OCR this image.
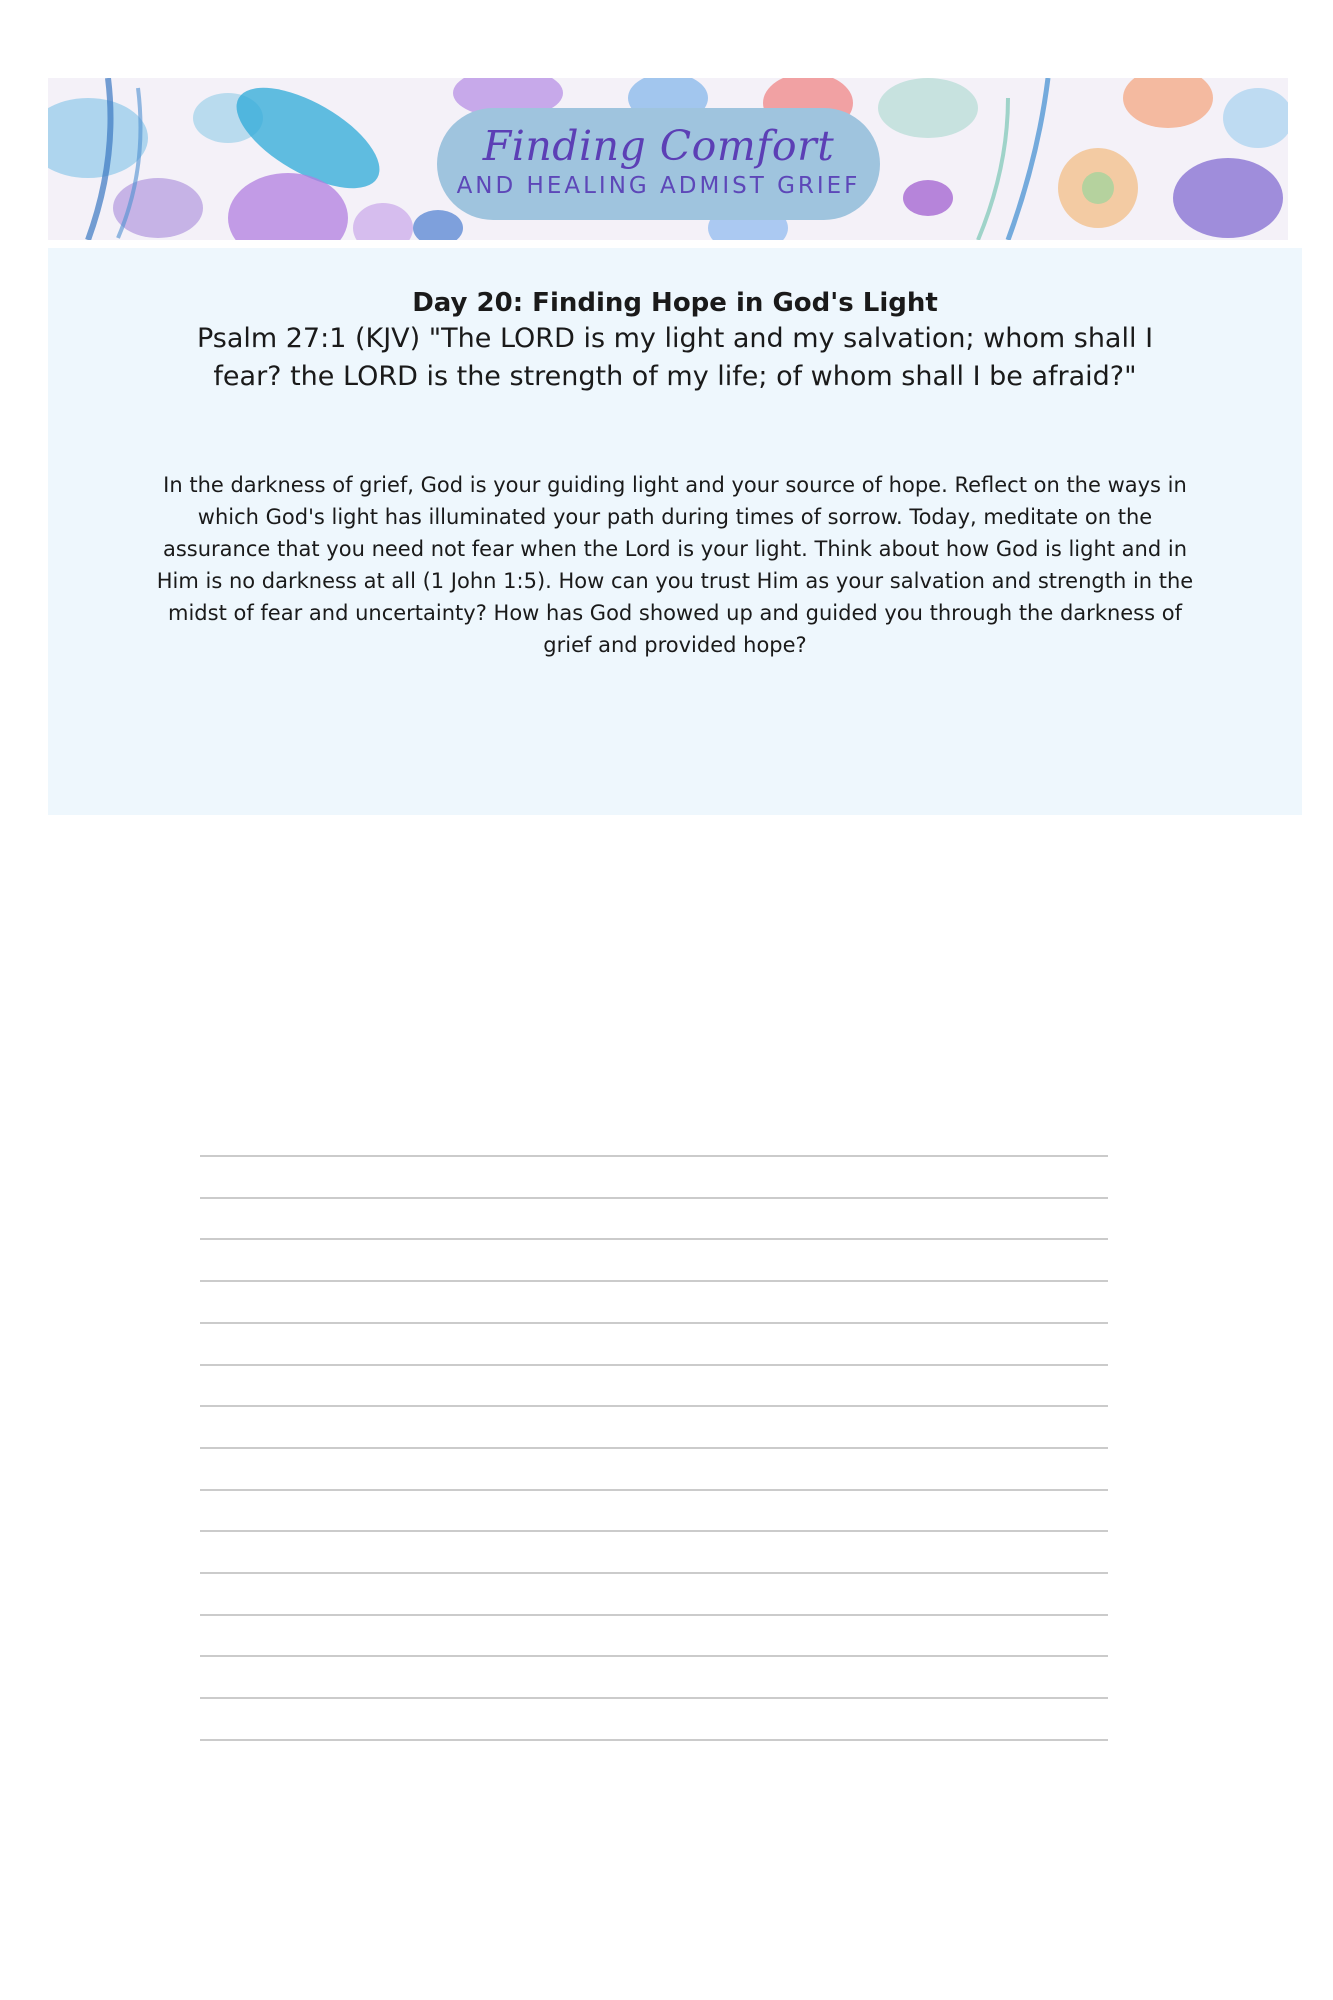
Finding Comfort
AND HEALING ADMIST GRIEF
Day 20: Finding Hope in God's Light
Psalm 27:1 (KJV) "The LORD is my light and my salvation; whom shall I fear? the LORD is the strength of my life; of whom shall I be afraid?"
In the darkness of grief, God is your guiding light and your source of hope. Reflect on the ways in which God's light has illuminated your path during times of sorrow. Today, meditate on the assurance that you need not fear when the Lord is your light. Think about how God is light and in Him is no darkness at all (1 John 1:5). How can you trust Him as your salvation and strength in the midst of fear and uncertainty? How has God showed up and guided you through the darkness of grief and provided hope?
